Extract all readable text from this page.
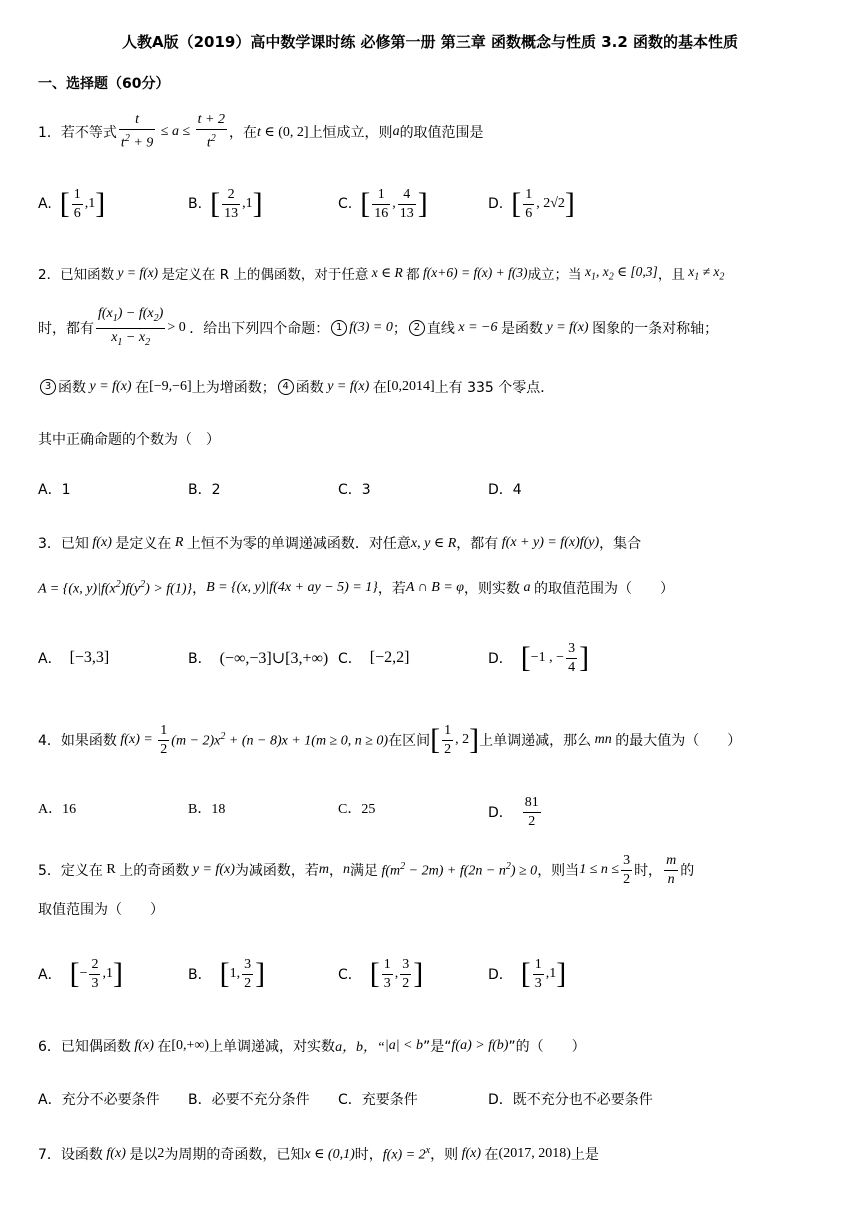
人教A版（2019）高中数学课时练 必修第一册 第三章 函数概念与性质 3.2 函数的基本性质
一、选择题（60分）
1． 若不等式 $\frac{t}{t^2 + 9} \le a \le \frac{t + 2}{t^2}$ ，在 t ∈ (0, 2] 上恒成立，则 a 的取值范围是
A. [ $\frac{1}{6} ,1$ ]	B. [ $\frac{2}{13} ,1$ ]	C. [ $\frac{1}{16}$ , $\frac{4}{13}$ ]	D. [ $\frac{1}{6}$ , 2√2 ]
2．已知函数 y = f(x) 是定义在 R 上的偶函数，对于任意 x ∈ R 都 f(x+6) = f(x) + f(3) 成立；当 $x_1$, $x_2$ ∈ [0,3] ，且 $x_1 \ne x_2$
时，都有 $\frac{f(x_1) - f(x_2)}{x_1 - x_2} > 0$ ．给出下列四个命题： 1 f(3) = 0 ； 2 直线 x = −6 是函数 y = f(x) 图象的一条对称轴；
3 函数 y = f(x) 在 [−9,−6] 上为增函数； 4 函数 y = f(x) 在 [0,2014] 上有 335 个零点．
其中正确命题的个数为（　）
A．1	B．2	C．3	D．4
3．已知 f(x) 是定义在 R 上恒不为零的单调递减函数．对任意 x, y ∈ R ，都有 f(x + y) = f(x)f(y) ，集合
A = {(x, $y)|f(x^2)f(y^2) > f(1)$} ， B = {(x, y)|f(4x + ay − 5) = 1} ，若 A ∩ B = φ ，则实数 a 的取值范围为（　　）
A． [−3,3]	B． (−∞,−3]∪[3,+∞) C． [−2,2]	D． [ −1 , − $\frac{3}{4}$ ]
4．如果函数 $f(x) = \frac{1}{2} (m - 2)x^2 + (n - 8)x + 1(m \ge 0$, n ≥ 0) 在区间 [ $\frac{1}{2}$ , 2 ] 上单调递减，那么 mn 的最大值为（　　）
A．16	B．18	C．25	D． $\frac{81}{2}$
5．定义在 R 上的奇函数 y = f(x) 为减函数，若 m ， n 满足 $f(m^2 - 2m) + f(2n - n^2) \ge 0$ ，则当 $1 \le n \le \frac{3}{2}$ 时， $\frac{m}{n}$ 的
取值范围为（　　）
A． [ − $\frac{2}{3} ,1$ ]	B． [ 1, $\frac{3}{2}$ ]	C． [ $\frac{1}{3}$ , $\frac{3}{2}$ ]	D． [ $\frac{1}{3} ,1$ ]
6．已知偶函数 f(x) 在 [0,+∞) 上单调递减，对实数 a，b，“ |a| < b ”是“ f(a) > f(b) ”的（　　）
A．充分不必要条件 B．必要不充分条件 C．充要条件	D．既不充分也不必要条件
7．设函数 f(x) 是以 2 为周期的奇函数，已知 x ∈ (0,1) 时， $f(x) = 2^x$ ，则 f(x) 在 (2017, 2018) 上是
